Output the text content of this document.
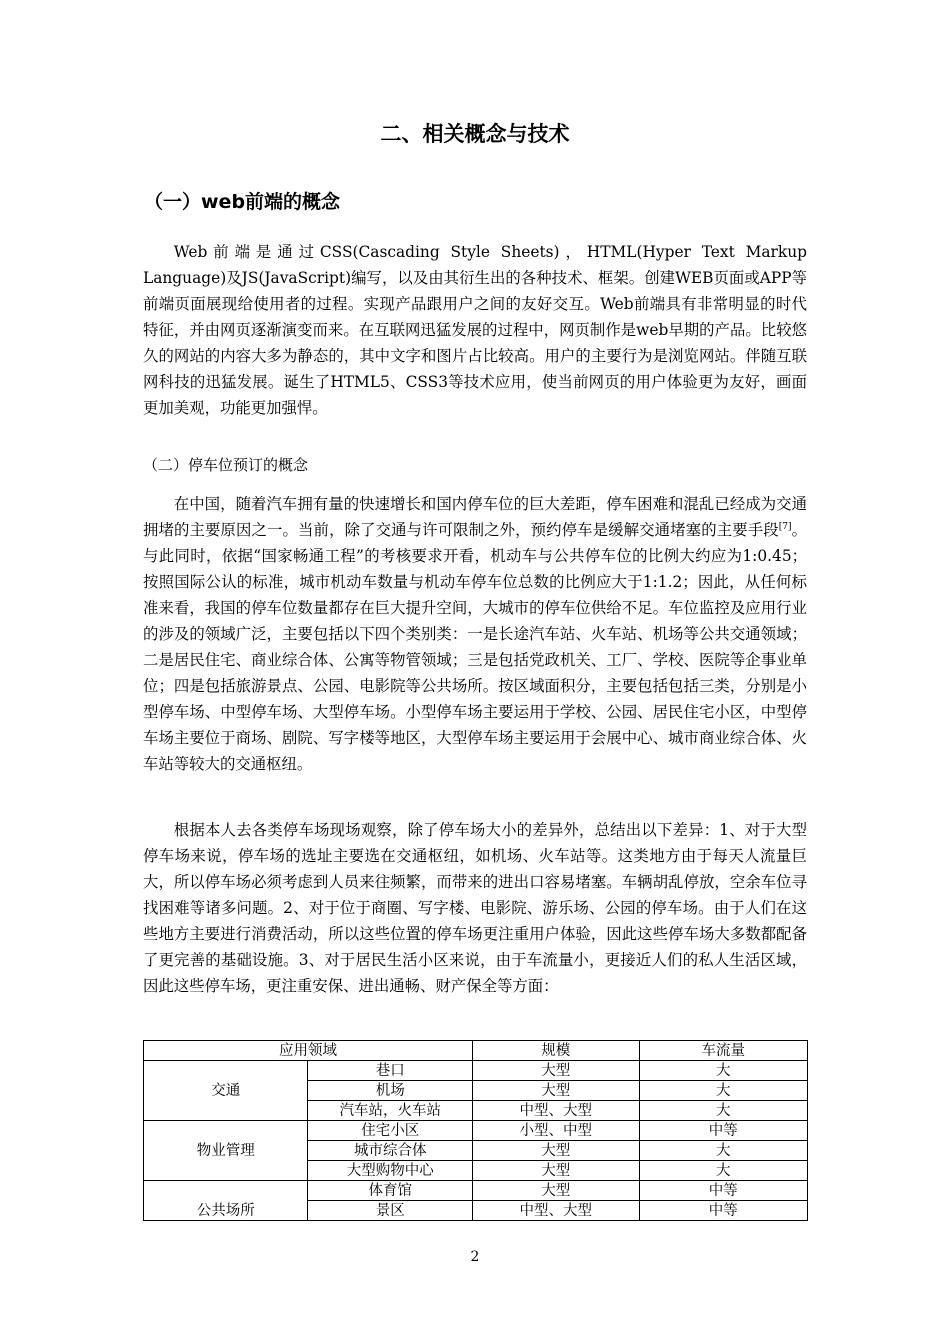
二、相关概念与技术
（一）web前端的概念

Web前端是通过CSS(Cascading Style Sheets)，HTML(Hyper Text Markup Language)及JS(JavaScript)编写，以及由其衍生出的各种技术、框架。创建WEB页面或APP等前端页面展现给使用者的过程。实现产品跟用户之间的友好交互。Web前端具有非常明显的时代特征，并由网页逐渐演变而来。在互联网迅猛发展的过程中，网页制作是web早期的产品。比较悠久的网站的内容大多为静态的，其中文字和图片占比较高。用户的主要行为是浏览网站。伴随互联网科技的迅猛发展。诞生了HTML5、CSS3等技术应用，使当前网页的用户体验更为友好，画面更加美观，功能更加强悍。

（二）停车位预订的概念

在中国，随着汽车拥有量的快速增长和国内停车位的巨大差距，停车困难和混乱已经成为交通拥堵的主要原因之一。当前，除了交通与许可限制之外，预约停车是缓解交通堵塞的主要手段[7]。与此同时，依据“国家畅通工程”的考核要求开看，机动车与公共停车位的比例大约应为1:0.45；按照国际公认的标准，城市机动车数量与机动车停车位总数的比例应大于1:1.2；因此，从任何标准来看，我国的停车位数量都存在巨大提升空间，大城市的停车位供给不足。车位监控及应用行业的涉及的领域广泛，主要包括以下四个类别类：一是长途汽车站、火车站、机场等公共交通领域；二是居民住宅、商业综合体、公寓等物管领域；三是包括党政机关、工厂、学校、医院等企事业单位；四是包括旅游景点、公园、电影院等公共场所。按区域面积分，主要包括包括三类，分别是小型停车场、中型停车场、大型停车场。小型停车场主要运用于学校、公园、居民住宅小区，中型停车场主要位于商场、剧院、写字楼等地区，大型停车场主要运用于会展中心、城市商业综合体、火车站等较大的交通枢纽。

根据本人去各类停车场现场观察，除了停车场大小的差异外，总结出以下差异：1、对于大型停车场来说，停车场的选址主要选在交通枢纽，如机场、火车站等。这类地方由于每天人流量巨大，所以停车场必须考虑到人员来往频繁，而带来的进出口容易堵塞。车辆胡乱停放，空余车位寻找困难等诸多问题。2、对于位于商圈、写字楼、电影院、游乐场、公园的停车场。由于人们在这些地方主要进行消费活动，所以这些位置的停车场更注重用户体验，因此这些停车场大多数都配备了更完善的基础设施。3、对于居民生活小区来说，由于车流量小，更接近人们的私人生活区域，因此这些停车场，更注重安保、进出通畅、财产保全等方面：

应用领域		规模	车流量
交通	巷口	大型	大
	机场	大型	大
	汽车站，火车站	中型、大型	大
物业管理	住宅小区	小型、中型	中等
	城市综合体	大型	大
	大型购物中心	大型	大
公共场所	体育馆	大型	中等
	景区	中型、大型	中等
2
